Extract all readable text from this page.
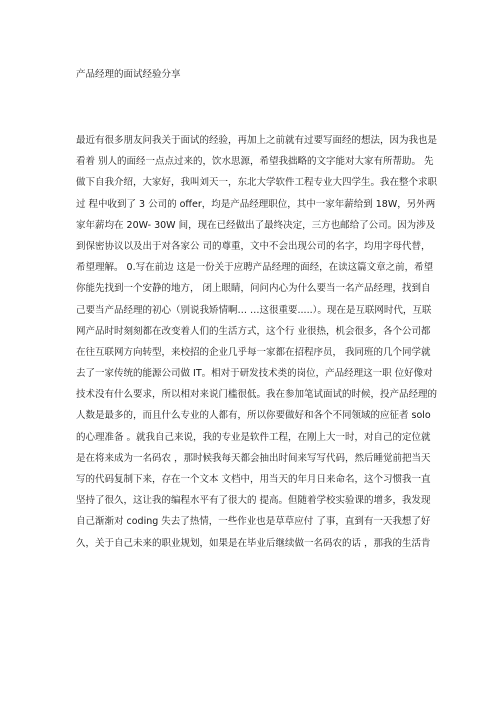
产品经理的面试经验分享
最近有很多朋友问我关于面试的经验，再加上之前就有过要写面经的想法，因为我也是
看着 别人的面经一点点过来的，饮水思源，希望我拙略的文字能对大家有所帮助。 先
做下自我介绍，大家好，我叫刘天一，东北大学软件工程专业大四学生。我在整个求职
过 程中收到了 3 公司的 offer，均是产品经理职位，其中一家年薪给到 18W，另外两
家年薪均在 20W- 30W 间，现在已经做出了最终决定，三方也邮给了公司。因为涉及
到保密协议以及出于对各家公 司的尊重，文中不会出现公司的名字，均用字母代替，
希望理解。 0.写在前边 这是一份关于应聘产品经理的面经，在读这篇文章之前，希望
你能先找到一个安静的地方， 闭上眼睛，问问内心为什么要当一名产品经理，找到自
己要当产品经理的初心（别说我矫情啊… …这很重要.....）。现在是互联网时代，互联
网产品时时刻刻都在改变着人们的生活方式，这个行 业很热，机会很多，各个公司都
在往互联网方向转型，来校招的企业几乎每一家都在招程序员， 我同班的几个同学就
去了一家传统的能源公司做 IT。相对于研发技术类的岗位，产品经理这一职 位好像对
技术没有什么要求，所以相对来说门槛很低。我在参加笔试面试的时候，投产品经理的
人数是最多的，而且什么专业的人都有，所以你要做好和各个不同领域的应征者 solo
的心理准备 。就我自己来说，我的专业是软件工程，在刚上大一时，对自己的定位就
是在将来成为一名码农 ，那时候我每天都会抽出时间来写写代码，然后睡觉前把当天
写的代码复制下来，存在一个文本 文档中，用当天的年月日来命名，这个习惯我一直
坚持了很久，这让我的编程水平有了很大的 提高。但随着学校实验课的增多，我发现
自己渐渐对 coding 失去了热情，一些作业也是草草应付 了事，直到有一天我想了好
久，关于自己未来的职业规划，如果是在毕业后继续做一名码农的话 ，那我的生活肯
